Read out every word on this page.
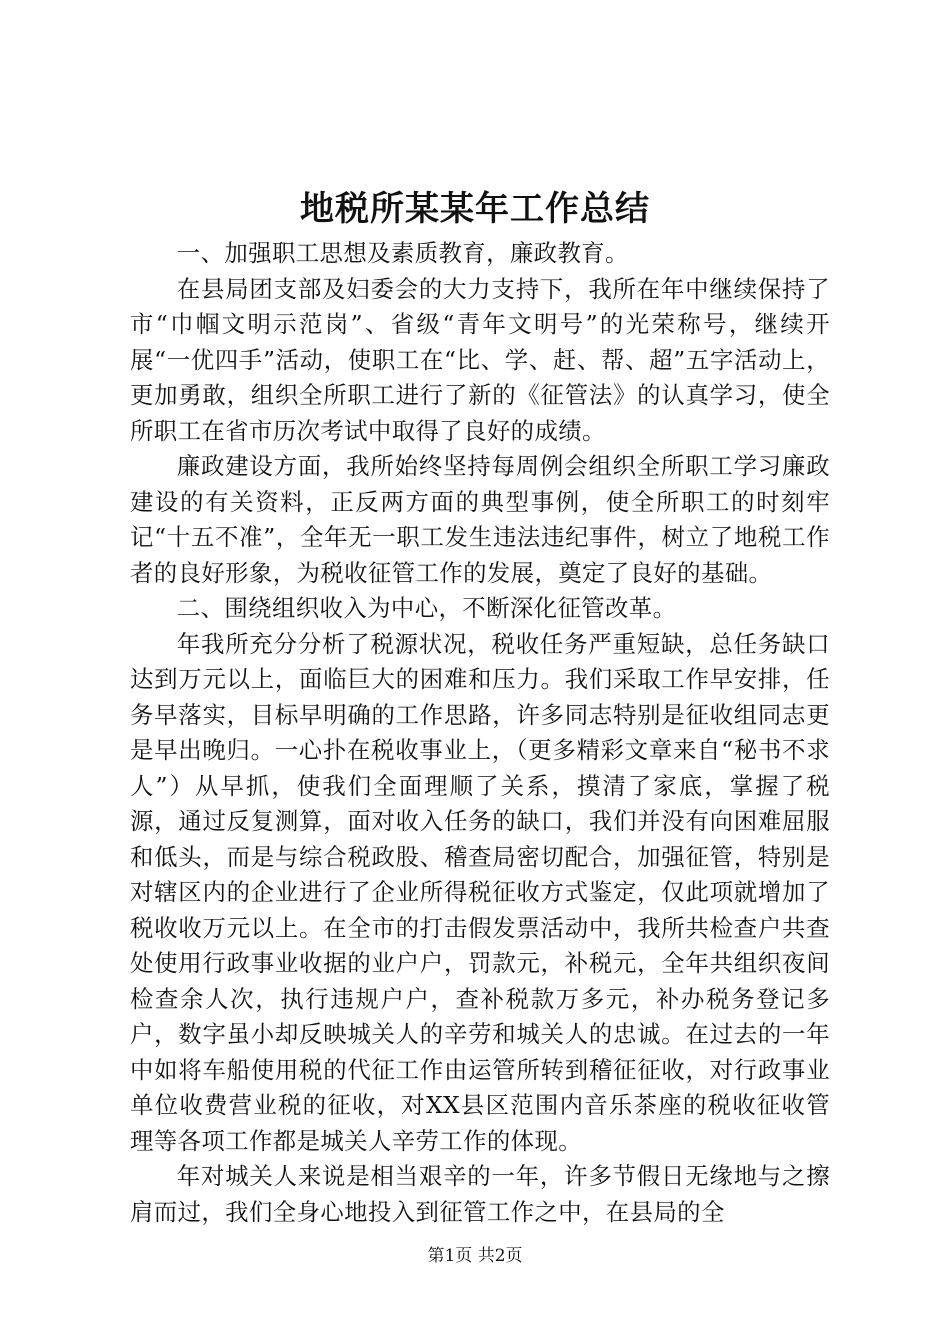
地税所某某年工作总结

一、加强职工思想及素质教育，廉政教育。

在县局团支部及妇委会的大力支持下，我所在年中继续保持了市“巾帼文明示范岗”、省级“青年文明号”的光荣称号，继续开展“一优四手”活动，使职工在“比、学、赶、帮、超”五字活动上，更加勇敢，组织全所职工进行了新的《征管法》的认真学习，使全所职工在省市历次考试中取得了良好的成绩。

廉政建设方面，我所始终坚持每周例会组织全所职工学习廉政建设的有关资料，正反两方面的典型事例，使全所职工的时刻牢记“十五不准”，全年无一职工发生违法违纪事件，树立了地税工作者的良好形象，为税收征管工作的发展，奠定了良好的基础。

二、围绕组织收入为中心，不断深化征管改革。

年我所充分分析了税源状况，税收任务严重短缺，总任务缺口达到万元以上，面临巨大的困难和压力。我们采取工作早安排，任务早落实，目标早明确的工作思路，许多同志特别是征收组同志更是早出晚归。一心扑在税收事业上，（更多精彩文章来自“秘书不求人”）从早抓，使我们全面理顺了关系，摸清了家底，掌握了税源，通过反复测算，面对收入任务的缺口，我们并没有向困难屈服和低头，而是与综合税政股、稽查局密切配合，加强征管，特别是对辖区内的企业进行了企业所得税征收方式鉴定，仅此项就增加了税收收万元以上。在全市的打击假发票活动中，我所共检查户共查处使用行政事业收据的业户户，罚款元，补税元，全年共组织夜间检查余人次，执行违规户户，查补税款万多元，补办税务登记多户，数字虽小却反映城关人的辛劳和城关人的忠诚。在过去的一年中如将车船使用税的代征工作由运管所转到稽征征收，对行政事业单位收费营业税的征收，对XX县区范围内音乐茶座的税收征收管理等各项工作都是城关人辛劳工作的体现。

年对城关人来说是相当艰辛的一年，许多节假日无缘地与之擦肩而过，我们全身心地投入到征管工作之中，在县局的全

第1页 共2页
